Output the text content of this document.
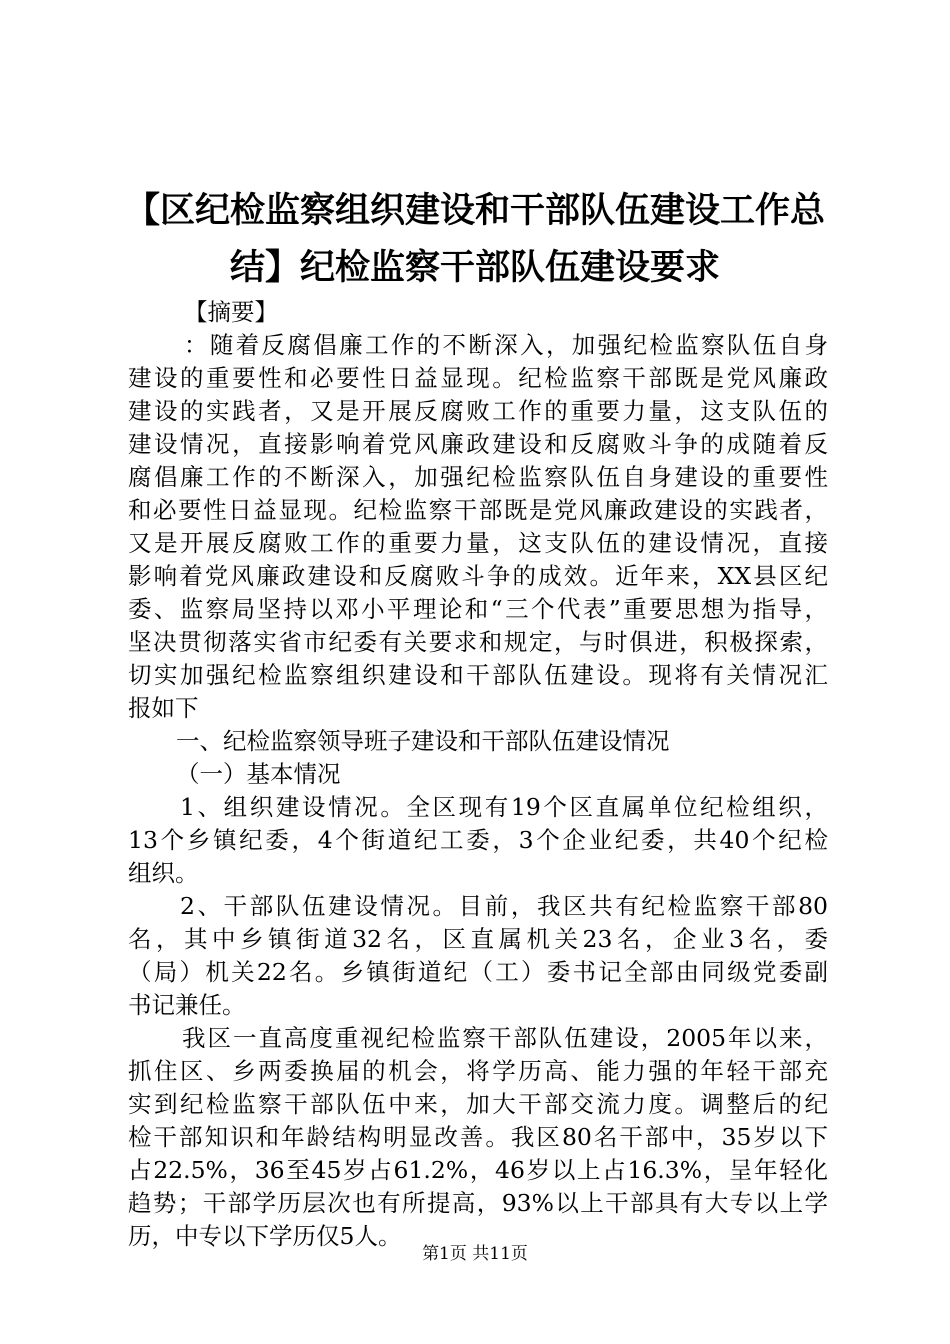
【区纪检监察组织建设和干部队伍建设工作总
结】纪检监察干部队伍建设要求
【摘要】
：随着反腐倡廉工作的不断深入，加强纪检监察队伍自身
建设的重要性和必要性日益显现。纪检监察干部既是党风廉政
建设的实践者，又是开展反腐败工作的重要力量，这支队伍的
建设情况，直接影响着党风廉政建设和反腐败斗争的成随着反
腐倡廉工作的不断深入，加强纪检监察队伍自身建设的重要性
和必要性日益显现。纪检监察干部既是党风廉政建设的实践者，
又是开展反腐败工作的重要力量，这支队伍的建设情况，直接
影响着党风廉政建设和反腐败斗争的成效。近年来，XX县区纪
委、监察局坚持以邓小平理论和“三个代表”重要思想为指导，
坚决贯彻落实省市纪委有关要求和规定，与时俱进，积极探索，
切实加强纪检监察组织建设和干部队伍建设。现将有关情况汇
报如下
一、纪检监察领导班子建设和干部队伍建设情况
（一）基本情况
1、组织建设情况。全区现有19个区直属单位纪检组织，
13个乡镇纪委，4个街道纪工委，3个企业纪委，共40个纪检
组织。
2、干部队伍建设情况。目前，我区共有纪检监察干部80
名，其中乡镇街道32名，区直属机关23名，企业3名，委
（局）机关22名。乡镇街道纪（工）委书记全部由同级党委副
书记兼任。
我区一直高度重视纪检监察干部队伍建设，2005年以来，
抓住区、乡两委换届的机会，将学历高、能力强的年轻干部充
实到纪检监察干部队伍中来，加大干部交流力度。调整后的纪
检干部知识和年龄结构明显改善。我区80名干部中，35岁以下
占22.5%，36至45岁占61.2%，46岁以上占16.3%，呈年轻化
趋势；干部学历层次也有所提高，93%以上干部具有大专以上学
历，中专以下学历仅5人。
第1页 共11页
